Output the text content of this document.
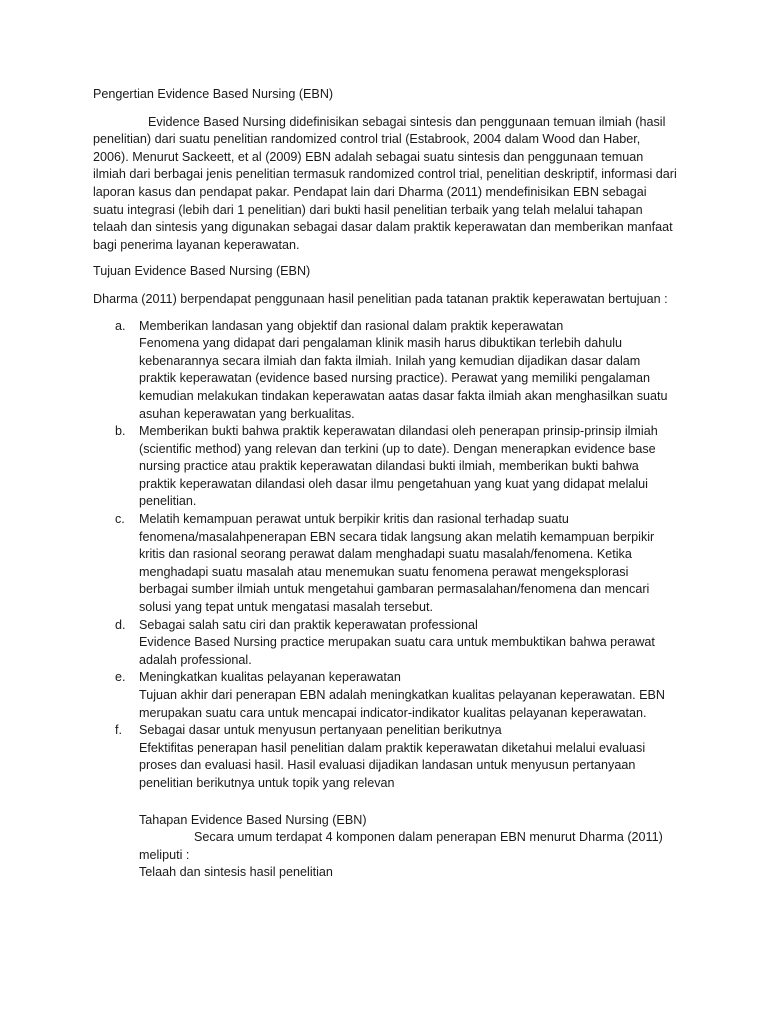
Pengertian Evidence Based Nursing (EBN)

Evidence Based Nursing didefinisikan sebagai sintesis dan penggunaan temuan ilmiah (hasil penelitian) dari suatu penelitian randomized control trial (Estabrook, 2004 dalam Wood dan Haber, 2006). Menurut Sackeett, et al (2009) EBN adalah sebagai suatu sintesis dan penggunaan temuan ilmiah dari berbagai jenis penelitian termasuk randomized control trial, penelitian deskriptif, informasi dari laporan kasus dan pendapat pakar. Pendapat lain dari Dharma (2011) mendefinisikan EBN sebagai suatu integrasi (lebih dari 1 penelitian) dari bukti hasil penelitian terbaik yang telah melalui tahapan telaah dan sintesis yang digunakan sebagai dasar dalam praktik keperawatan dan memberikan manfaat bagi penerima layanan keperawatan.

Tujuan Evidence Based Nursing (EBN)

Dharma (2011) berpendapat penggunaan hasil penelitian pada tatanan praktik keperawatan bertujuan :

a. Memberikan landasan yang objektif dan rasional dalam praktik keperawatan
Fenomena yang didapat dari pengalaman klinik masih harus dibuktikan terlebih dahulu kebenarannya secara ilmiah dan fakta ilmiah. Inilah yang kemudian dijadikan dasar dalam praktik keperawatan (evidence based nursing practice). Perawat yang memiliki pengalaman kemudian melakukan tindakan keperawatan aatas dasar fakta ilmiah akan menghasilkan suatu asuhan keperawatan yang berkualitas.
b. Memberikan bukti bahwa praktik keperawatan dilandasi oleh penerapan prinsip-prinsip ilmiah (scientific method) yang relevan dan terkini (up to date). Dengan menerapkan evidence base nursing practice atau praktik keperawatan dilandasi bukti ilmiah, memberikan bukti bahwa praktik keperawatan dilandasi oleh dasar ilmu pengetahuan yang kuat yang didapat melalui penelitian.
c. Melatih kemampuan perawat untuk berpikir kritis dan rasional terhadap suatu fenomena/masalahpenerapan EBN secara tidak langsung akan melatih kemampuan berpikir kritis dan rasional seorang perawat dalam menghadapi suatu masalah/fenomena. Ketika menghadapi suatu masalah atau menemukan suatu fenomena perawat mengeksplorasi berbagai sumber ilmiah untuk mengetahui gambaran permasalahan/fenomena dan mencari solusi yang tepat untuk mengatasi masalah tersebut.
d. Sebagai salah satu ciri dan praktik keperawatan professional
Evidence Based Nursing practice merupakan suatu cara untuk membuktikan bahwa perawat adalah professional.
e. Meningkatkan kualitas pelayanan keperawatan
Tujuan akhir dari penerapan EBN adalah meningkatkan kualitas pelayanan keperawatan. EBN merupakan suatu cara untuk mencapai indicator-indikator kualitas pelayanan keperawatan.
f. Sebagai dasar untuk menyusun pertanyaan penelitian berikutnya
Efektifitas penerapan hasil penelitian dalam praktik keperawatan diketahui melalui evaluasi proses dan evaluasi hasil. Hasil evaluasi dijadikan landasan untuk menyusun pertanyaan penelitian berikutnya untuk topik yang relevan

Tahapan Evidence Based Nursing (EBN)

Secara umum terdapat 4 komponen dalam penerapan EBN menurut Dharma (2011) meliputi :

Telaah dan sintesis hasil penelitian
